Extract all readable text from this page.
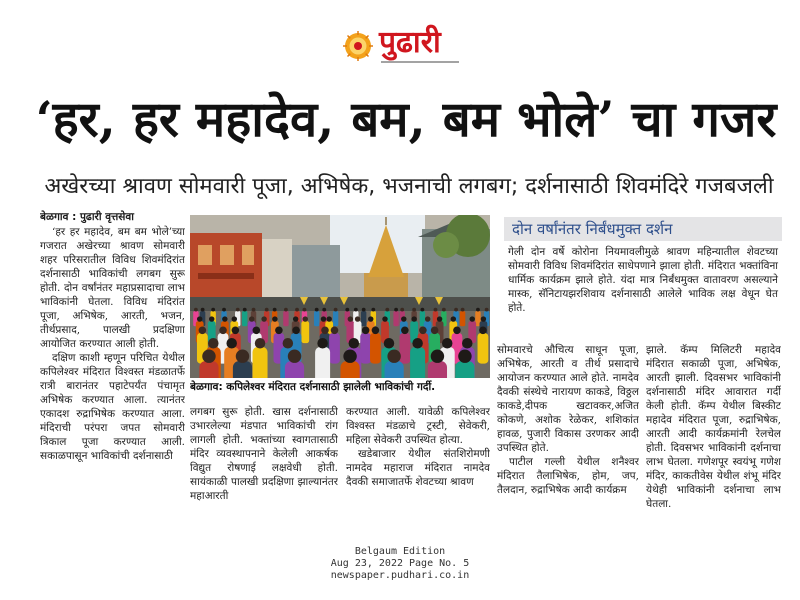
पुढारी
‘हर, हर महादेव, बम, बम भोले’ चा गजर
अखेरच्या श्रावण सोमवारी पूजा, अभिषेक, भजनाची लगबग; दर्शनासाठी शिवमंदिरे गजबजली
बेळगाव : पुढारी वृत्तसेवा

‘हर हर महादेव, बम बम भोले’च्या गजरात अखेरच्या श्रावण सोमवारी शहर परिसरातील विविध शिवमंदिरांत दर्शनासाठी भाविकांची लगबग सुरू होती. दोन वर्षांनंतर महाप्रसादाचा लाभ भाविकांनी घेतला. विविध मंदिरांत पूजा, अभिषेक, आरती, भजन, तीर्थप्रसाद, पालखी प्रदक्षिणा आयोजित करण्यात आली होती.

दक्षिण काशी म्हणून परिचित येथील कपिलेश्वर मंदिरात विश्वस्त मंडळातर्फे रात्री बारानंतर पहाटेपर्यंत पंचामृत अभिषेक करण्यात आला. त्यानंतर एकादश रुद्राभिषेक करण्यात आला. मंदिराची परंपरा जपत सोमवारी त्रिकाल पूजा करण्यात आली. सकाळपासून भाविकांची दर्शनासाठी

बेळगाव: कपिलेश्वर मंदिरात दर्शनासाठी झालेली भाविकांची गर्दी.
दोन वर्षांनंतर निर्बंधमुक्त दर्शन
गेली दोन वर्षे कोरोना नियमावलीमुळे श्रावण महिन्यातील शेवटच्या सोमवारी विविध शिवमंदिरांत साधेपणाने झाला होती. मंदिरात भक्तांविना धार्मिक कार्यक्रम झाले होते. यंदा मात्र निर्बंधमुक्त वातावरण असल्याने मास्क, सॅनिटायझरशिवाय दर्शनासाठी आलेले भाविक लक्ष वेधून घेत होते.

लगबग सुरू होती. खास दर्शनासाठी उभारलेल्या मंडपात भाविकांची रांग लागली होती. भक्तांच्या स्वागतासाठी मंदिर व्यवस्थापनाने केलेली आकर्षक विद्युत रोषणाई लक्षवेधी होती. सायंकाळी पालखी प्रदक्षिणा झाल्यानंतर महाआरती

करण्यात आली. यावेळी कपिलेश्वर विश्वस्त मंडळाचे ट्रस्टी, सेवेकरी, महिला सेवेकरी उपस्थित होत्या.

खडेबाजार येथील संतशिरोमणी नामदेव महाराज मंदिरात नामदेव दैवकी समाजातर्फे शेवटच्या श्रावण

सोमवारचे औचित्य साधून पूजा, अभिषेक, आरती व तीर्थ प्रसादाचे आयोजन करण्यात आले होते. नामदेव दैवकी संस्थेचे नारायण काकडे, विठ्ठल काकडे,दीपक खटावकर,अजित कोकणे, अशोक रेळेकर, शशिकांत हावळ, पुजारी विकास उरणकर आदी उपस्थित होते.

पाटील गल्ली येथील शनैश्वर मंदिरात तैलाभिषेक, होम, जप, तैलदान, रुद्राभिषेक आदी कार्यक्रम

झाले. कॅम्प मिलिटरी महादेव मंदिरात सकाळी पूजा, अभिषेक, आरती झाली. दिवसभर भाविकांनी दर्शनासाठी मंदिर आवारात गर्दी केली होती. कॅम्प येथील बिस्कीट महादेव मंदिरात पूजा, रुद्राभिषेक, आरती आदी कार्यक्रमांनी रेलचेल होती. दिवसभर भाविकांनी दर्शनाचा लाभ घेतला. गणेशपूर स्वयंभू गणेश मंदिर, काकतीवेस येथील शंभू मंदिर येथेही भाविकांनी दर्शनाचा लाभ घेतला.

Belgaum Edition
Aug 23, 2022 Page No. 5
newspaper.pudhari.co.in
